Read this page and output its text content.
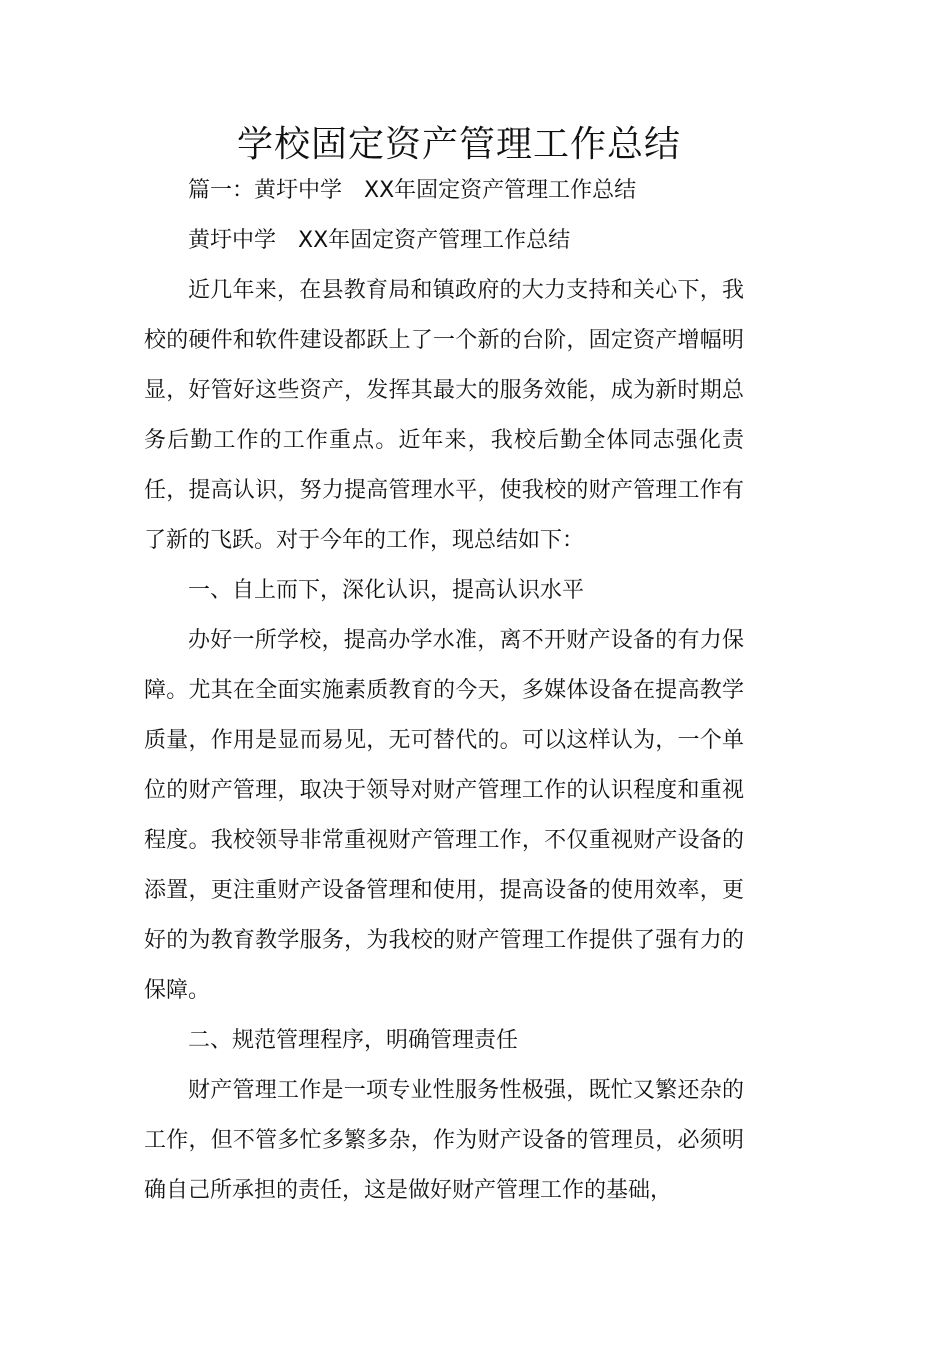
学校固定资产管理工作总结

篇一：黄圩中学　XX年固定资产管理工作总结

黄圩中学　XX年固定资产管理工作总结

近几年来，在县教育局和镇政府的大力支持和关心下，我校的硬件和软件建设都跃上了一个新的台阶，固定资产增幅明显，好管好这些资产，发挥其最大的服务效能，成为新时期总务后勤工作的工作重点。近年来，我校后勤全体同志强化责任，提高认识，努力提高管理水平，使我校的财产管理工作有了新的飞跃。对于今年的工作，现总结如下：

一、自上而下，深化认识，提高认识水平

办好一所学校，提高办学水准，离不开财产设备的有力保障。尤其在全面实施素质教育的今天，多媒体设备在提高教学质量，作用是显而易见，无可替代的。可以这样认为，一个单位的财产管理，取决于领导对财产管理工作的认识程度和重视程度。我校领导非常重视财产管理工作，不仅重视财产设备的添置，更注重财产设备管理和使用，提高设备的使用效率，更好的为教育教学服务，为我校的财产管理工作提供了强有力的保障。

二、规范管理程序，明确管理责任

财产管理工作是一项专业性服务性极强，既忙又繁还杂的工作，但不管多忙多繁多杂，作为财产设备的管理员，必须明确自己所承担的责任，这是做好财产管理工作的基础，
